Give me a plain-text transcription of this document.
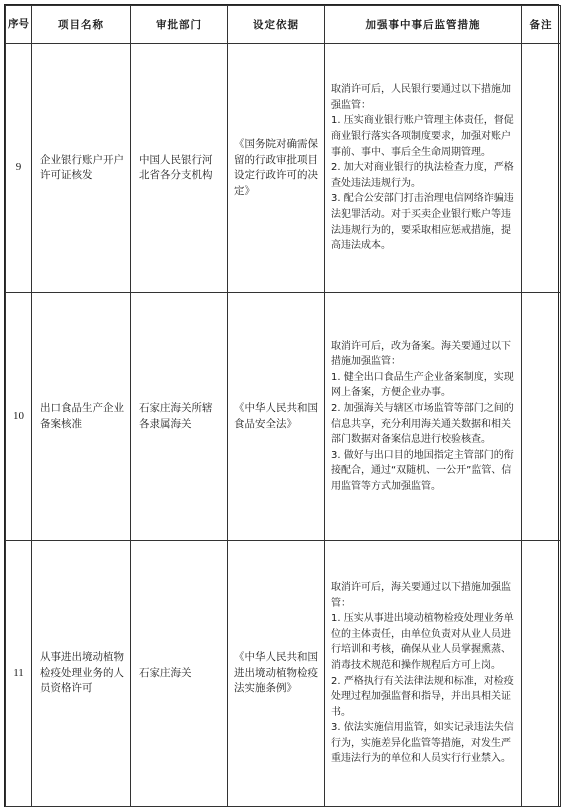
序号	项目名称	审批部门	设定依据	加强事中事后监管措施	备注
9	企业银行账户开户许可证核发	中国人民银行河北省各分支机构	《国务院对确需保留的行政审批项目设定行政许可的决定》	取消许可后，人民银行要通过以下措施加强监管：

1. 压实商业银行账户管理主体责任，督促商业银行落实各项制度要求，加强对账户事前、事中、事后全生命周期管理。

2. 加大对商业银行的执法检查力度，严格查处违法违规行为。

3. 配合公安部门打击治理电信网络诈骗违法犯罪活动。对于买卖企业银行账户等违法违规行为的，要采取相应惩戒措施，提高违法成本。	

10	出口食品生产企业备案核准	石家庄海关所辖各隶属海关	《中华人民共和国食品安全法》	取消许可后，改为备案。海关要通过以下措施加强监管：

1. 健全出口食品生产企业备案制度，实现网上备案，方便企业办事。

2. 加强海关与辖区市场监管等部门之间的信息共享，充分利用海关通关数据和相关部门数据对备案信息进行校验核查。

3. 做好与出口目的地国指定主管部门的衔接配合，通过“双随机、一公开”监管、信用监管等方式加强监管。	

11	从事进出境动植物检疫处理业务的人员资格许可	石家庄海关	《中华人民共和国进出境动植物检疫法实施条例》	取消许可后，海关要通过以下措施加强监管：

1. 压实从事进出境动植物检疫处理业务单位的主体责任，由单位负责对从业人员进行培训和考核，确保从业人员掌握熏蒸、消毒技术规范和操作规程后方可上岗。

2. 严格执行有关法律法规和标准，对检疫处理过程加强监督和指导，并出具相关证书。

3. 依法实施信用监管，如实记录违法失信行为，实施差异化监管等措施，对发生严重违法行为的单位和人员实行行业禁入。	
